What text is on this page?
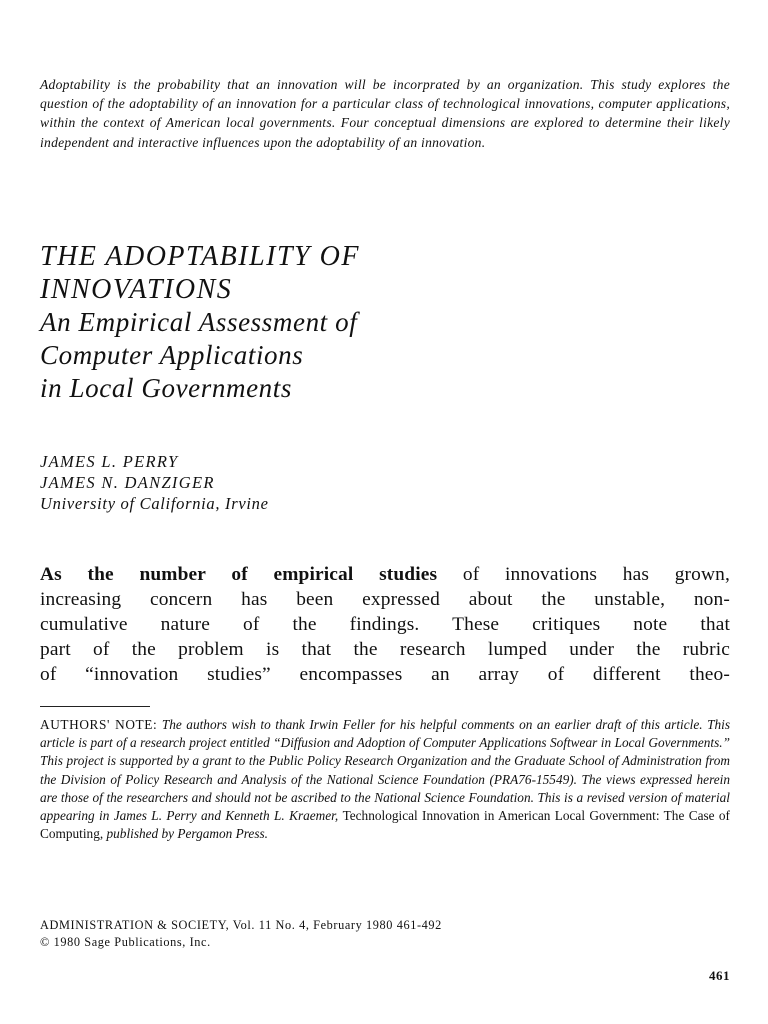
Adoptability is the probability that an innovation will be incorprated by an organization. This study explores the question of the adoptability of an innovation for a particular class of technological innovations, computer applications, within the context of American local governments. Four conceptual dimensions are explored to determine their likely independent and interactive influences upon the adoptability of an innovation.
THE ADOPTABILITY OF
INNOVATIONS
An Empirical Assessment of
Computer Applications
in Local Governments
JAMES L. PERRY
JAMES N. DANZIGER
University of California, Irvine
As the number of empirical studies of innovations has grown,
increasing concern has been expressed about the unstable, non-
cumulative nature of the findings. These critiques note that
part of the problem is that the research lumped under the rubric
of “innovation studies” encompasses an array of different theo-
AUTHORS' NOTE: The authors wish to thank Irwin Feller for his helpful comments on an earlier draft of this article. This article is part of a research project entitled “Diffusion and Adoption of Computer Applications Softwear in Local Governments.” This project is supported by a grant to the Public Policy Research Organization and the Graduate School of Administration from the Division of Policy Research and Analysis of the National Science Foundation (PRA76-15549). The views expressed herein are those of the researchers and should not be ascribed to the National Science Foundation. This is a revised version of material appearing in James L. Perry and Kenneth L. Kraemer, Technological Innovation in American Local Government: The Case of Computing, published by Pergamon Press.
ADMINISTRATION & SOCIETY, Vol. 11 No. 4, February 1980 461-492
© 1980 Sage Publications, Inc.
461
